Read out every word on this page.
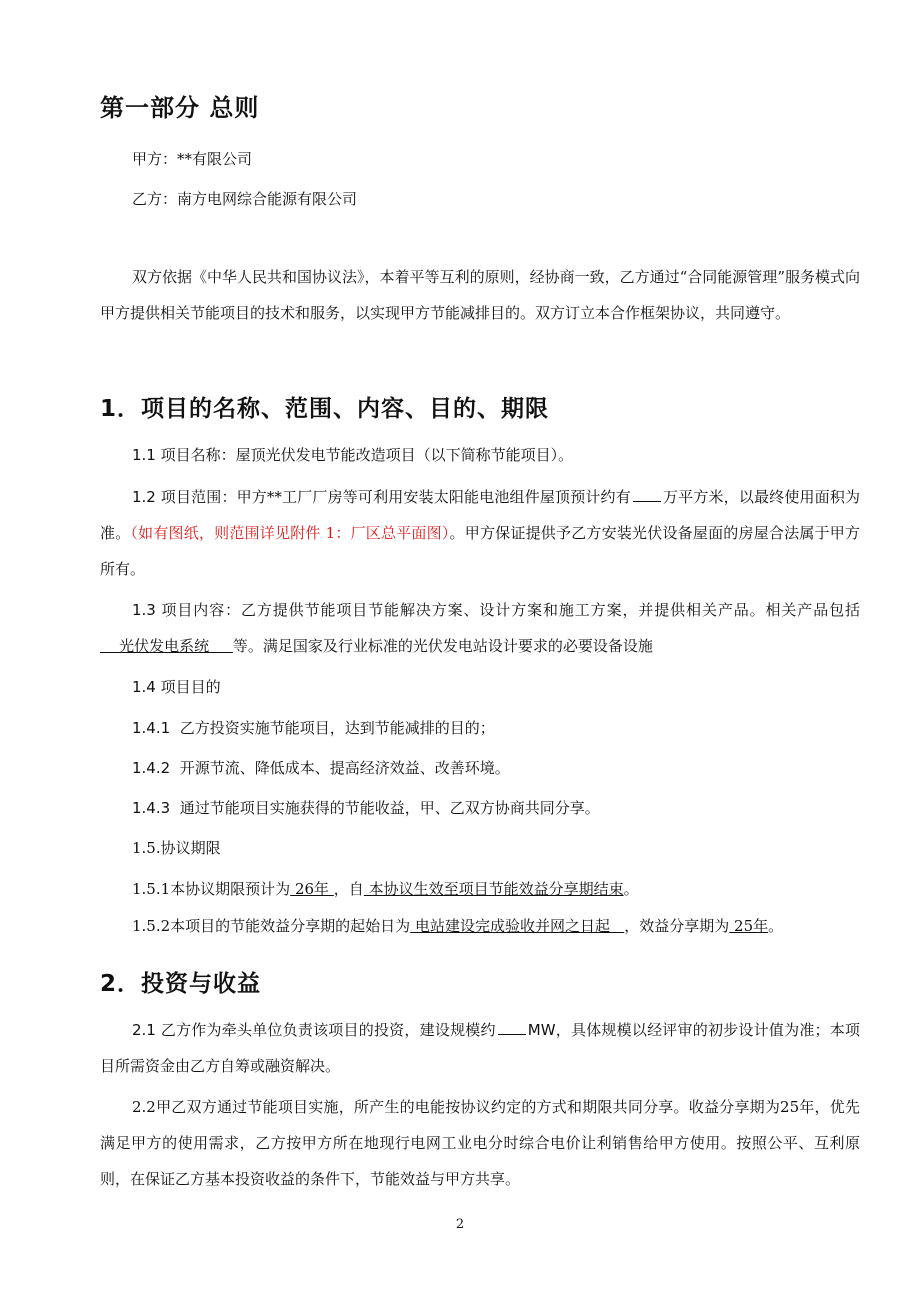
第一部分 总则
甲方：**有限公司
乙方：南方电网综合能源有限公司
双方依据《中华人民共和国协议法》，本着平等互利的原则，经协商一致，乙方通过“合同能源管理”服务模式向甲方提供相关节能项目的技术和服务，以实现甲方节能减排目的。双方订立本合作框架协议，共同遵守。
1．项目的名称、范围、内容、目的、期限
1.1 项目名称：屋顶光伏发电节能改造项目（以下简称节能项目）。
1.2 项目范围：甲方**工厂厂房等可利用安装太阳能电池组件屋顶预计约有 万平方米，以最终使用面积为准。（如有图纸，则范围详见附件 1：厂区总平面图）。甲方保证提供予乙方安装光伏设备屋面的房屋合法属于甲方所有。
1.3 项目内容：乙方提供节能项目节能解决方案、设计方案和施工方案，并提供相关产品。相关产品包括    光伏发电系统     等。满足国家及行业标准的光伏发电站设计要求的必要设备设施
1.4 项目目的
1.4.1  乙方投资实施节能项目，达到节能减排的目的；
1.4.2  开源节流、降低成本、提高经济效益、改善环境。
1.4.3  通过节能项目实施获得的节能收益，甲、乙双方协商共同分享。
1.5.协议期限
1.5.1本协议期限预计为 26年 ，自 本协议生效至项目节能效益分享期结束。
1.5.2本项目的节能效益分享期的起始日为 电站建设完成验收并网之日起   ，效益分享期为 25年。
2．投资与收益
2.1 乙方作为牵头单位负责该项目的投资，建设规模约 MW，具体规模以经评审的初步设计值为准；本项目所需资金由乙方自筹或融资解决。
2.2甲乙双方通过节能项目实施，所产生的电能按协议约定的方式和期限共同分享。收益分享期为25年，优先满足甲方的使用需求，乙方按甲方所在地现行电网工业电分时综合电价让利销售给甲方使用。按照公平、互利原则，在保证乙方基本投资收益的条件下，节能效益与甲方共享。
2
